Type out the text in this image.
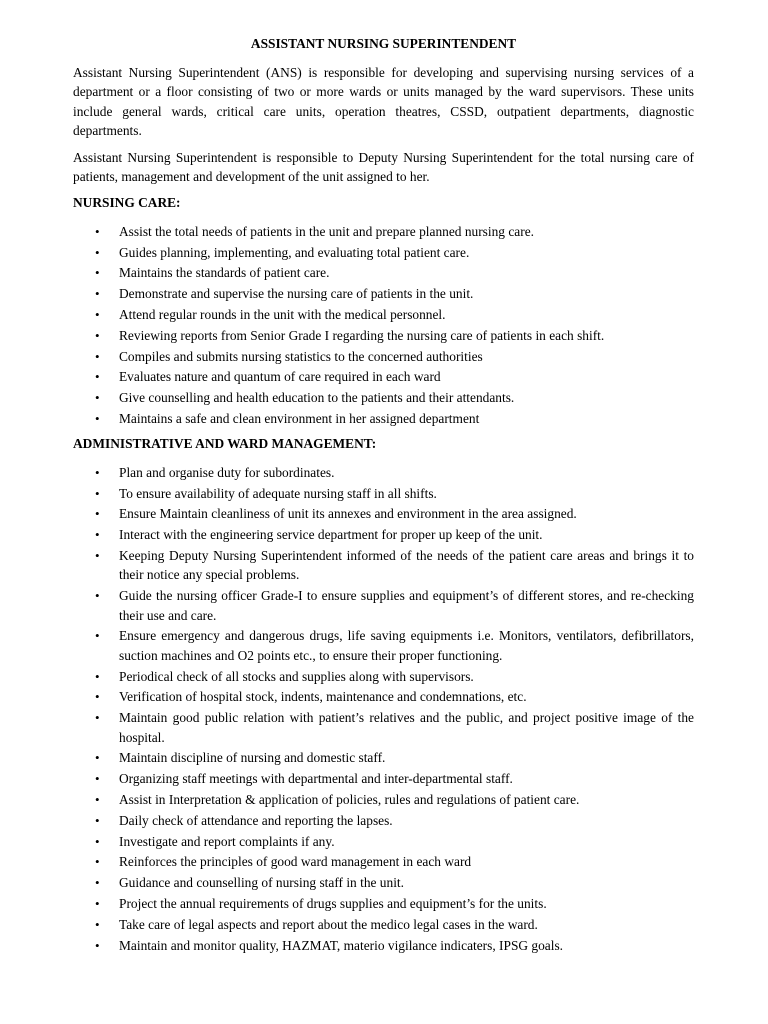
ASSISTANT NURSING SUPERINTENDENT

Assistant Nursing Superintendent (ANS) is responsible for developing and supervising nursing services of a department or a floor consisting of two or more wards or units managed by the ward supervisors. These units include general wards, critical care units, operation theatres, CSSD, outpatient departments, diagnostic departments.

Assistant Nursing Superintendent is responsible to Deputy Nursing Superintendent for the total nursing care of patients, management and development of the unit assigned to her.

NURSING CARE:
• Assist the total needs of patients in the unit and prepare planned nursing care.
• Guides planning, implementing, and evaluating total patient care.
• Maintains the standards of patient care.
• Demonstrate and supervise the nursing care of patients in the unit.
• Attend regular rounds in the unit with the medical personnel.
• Reviewing reports from Senior Grade I regarding the nursing care of patients in each shift.
• Compiles and submits nursing statistics to the concerned authorities
• Evaluates nature and quantum of care required in each ward
• Give counselling and health education to the patients and their attendants.
• Maintains a safe and clean environment in her assigned department
ADMINISTRATIVE AND WARD MANAGEMENT:
• Plan and organise duty for subordinates.
• To ensure availability of adequate nursing staff in all shifts.
• Ensure Maintain cleanliness of unit its annexes and environment in the area assigned.
• Interact with the engineering service department for proper up keep of the unit.
• Keeping Deputy Nursing Superintendent informed of the needs of the patient care areas and brings it to their notice any special problems.
• Guide the nursing officer Grade-I to ensure supplies and equipment’s of different stores, and re-checking their use and care.
• Ensure emergency and dangerous drugs, life saving equipments i.e. Monitors, ventilators, defibrillators, suction machines and O2 points etc., to ensure their proper functioning.
• Periodical check of all stocks and supplies along with supervisors.
• Verification of hospital stock, indents, maintenance and condemnations, etc.
• Maintain good public relation with patient’s relatives and the public, and project positive image of the hospital.
• Maintain discipline of nursing and domestic staff.
• Organizing staff meetings with departmental and inter-departmental staff.
• Assist in Interpretation & application of policies, rules and regulations of patient care.
• Daily check of attendance and reporting the lapses.
• Investigate and report complaints if any.
• Reinforces the principles of good ward management in each ward
• Guidance and counselling of nursing staff in the unit.
• Project the annual requirements of drugs supplies and equipment’s for the units.
• Take care of legal aspects and report about the medico legal cases in the ward.
• Maintain and monitor quality, HAZMAT, materio vigilance indicaters, IPSG goals.
